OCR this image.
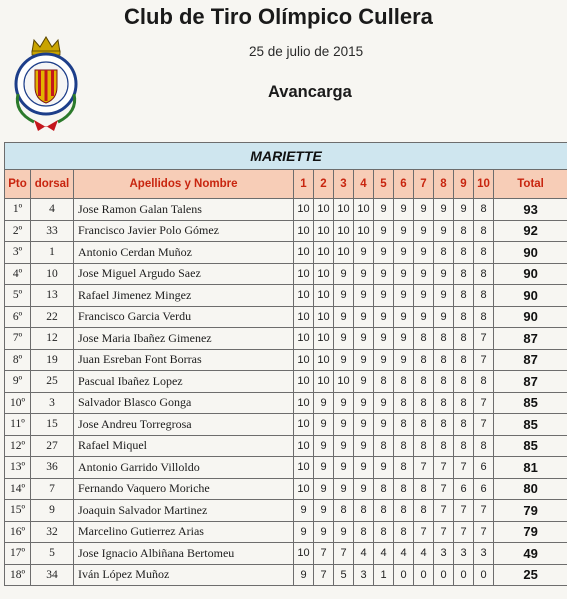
Club de Tiro Olímpico Cullera
25 de julio de 2015
Avancarga
MARIETTE													
Pto	dorsal	Apellidos y Nombre	1	2	3	4	5	6	7	8	9	10	Total
1º	4	Jose Ramon Galan Talens	10	10	10	10	9	9	9	9	9	8	93
2º	33	Francisco Javier Polo Gómez	10	10	10	10	9	9	9	9	8	8	92
3º	1	Antonio Cerdan Muñoz	10	10	10	9	9	9	9	8	8	8	90
4º	10	Jose Miguel Argudo Saez	10	10	9	9	9	9	9	9	8	8	90
5º	13	Rafael Jimenez Mingez	10	10	9	9	9	9	9	9	8	8	90
6º	22	Francisco Garcia Verdu	10	10	9	9	9	9	9	9	8	8	90
7º	12	Jose Maria Ibañez Gimenez	10	10	9	9	9	9	8	8	8	7	87
8º	19	Juan Esreban Font Borras	10	10	9	9	9	9	8	8	8	7	87
9º	25	Pascual Ibañez Lopez	10	10	10	9	8	8	8	8	8	8	87
10º	3	Salvador Blasco Gonga	10	9	9	9	9	8	8	8	8	7	85
11º	15	Jose Andreu Torregrosa	10	9	9	9	9	8	8	8	8	7	85
12º	27	Rafael Miquel	10	9	9	9	8	8	8	8	8	8	85
13º	36	Antonio Garrido Villoldo	10	9	9	9	9	8	7	7	7	6	81
14º	7	Fernando Vaquero Moriche	10	9	9	9	8	8	8	7	6	6	80
15º	9	Joaquin Salvador Martinez	9	9	8	8	8	8	8	7	7	7	79
16º	32	Marcelino Gutierrez Arias	9	9	9	8	8	8	7	7	7	7	79
17º	5	Jose Ignacio Albiñana Bertomeu	10	7	7	4	4	4	4	3	3	3	49
18º	34	Iván López Muñoz	9	7	5	3	1	0	0	0	0	0	25
